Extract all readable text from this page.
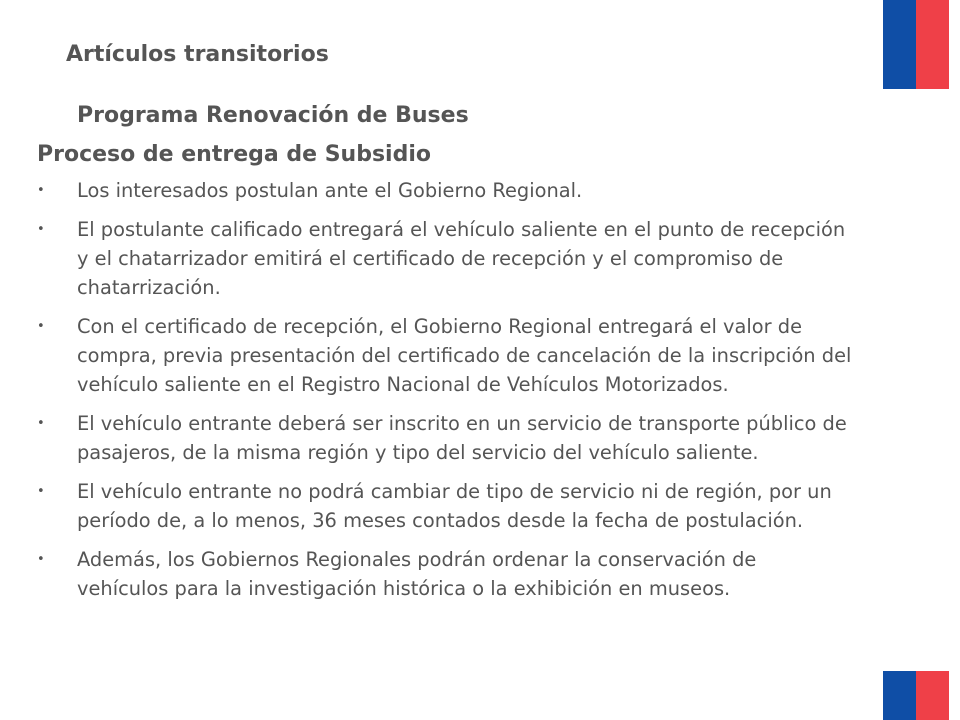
Artículos transitorios
Programa Renovación de Buses
Proceso de entrega de Subsidio
• Los interesados postulan ante el Gobierno Regional.
• El postulante calificado entregará el vehículo saliente en el punto de recepción y el chatarrizador emitirá el certificado de recepción y el compromiso de chatarrización.
• Con el certificado de recepción, el Gobierno Regional entregará el valor de compra, previa presentación del certificado de cancelación de la inscripción del vehículo saliente en el Registro Nacional de Vehículos Motorizados.
• El vehículo entrante deberá ser inscrito en un servicio de transporte público de pasajeros, de la misma región y tipo del servicio del vehículo saliente.
• El vehículo entrante no podrá cambiar de tipo de servicio ni de región, por un período de, a lo menos, 36 meses contados desde la fecha de postulación.
• Además, los Gobiernos Regionales podrán ordenar la conservación de vehículos para la investigación histórica o la exhibición en museos.
